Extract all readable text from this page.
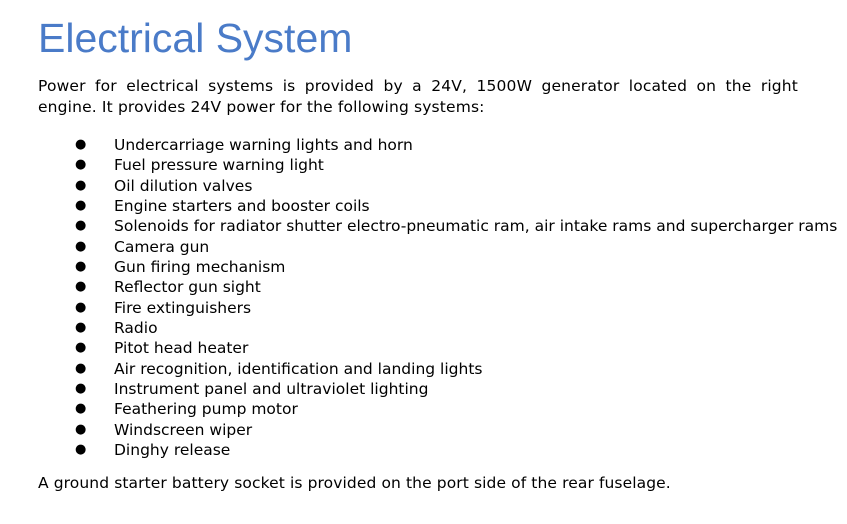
Electrical System

Power for electrical systems is provided by a 24V, 1500W generator located on the right engine. It provides 24V power for the following systems:

● Undercarriage warning lights and horn
● Fuel pressure warning light
● Oil dilution valves
● Engine starters and booster coils
● Solenoids for radiator shutter electro-pneumatic ram, air intake rams and supercharger rams
● Camera gun
● Gun firing mechanism
● Reflector gun sight
● Fire extinguishers
● Radio
● Pitot head heater
● Air recognition, identification and landing lights
● Instrument panel and ultraviolet lighting
● Feathering pump motor
● Windscreen wiper
● Dinghy release

A ground starter battery socket is provided on the port side of the rear fuselage.
